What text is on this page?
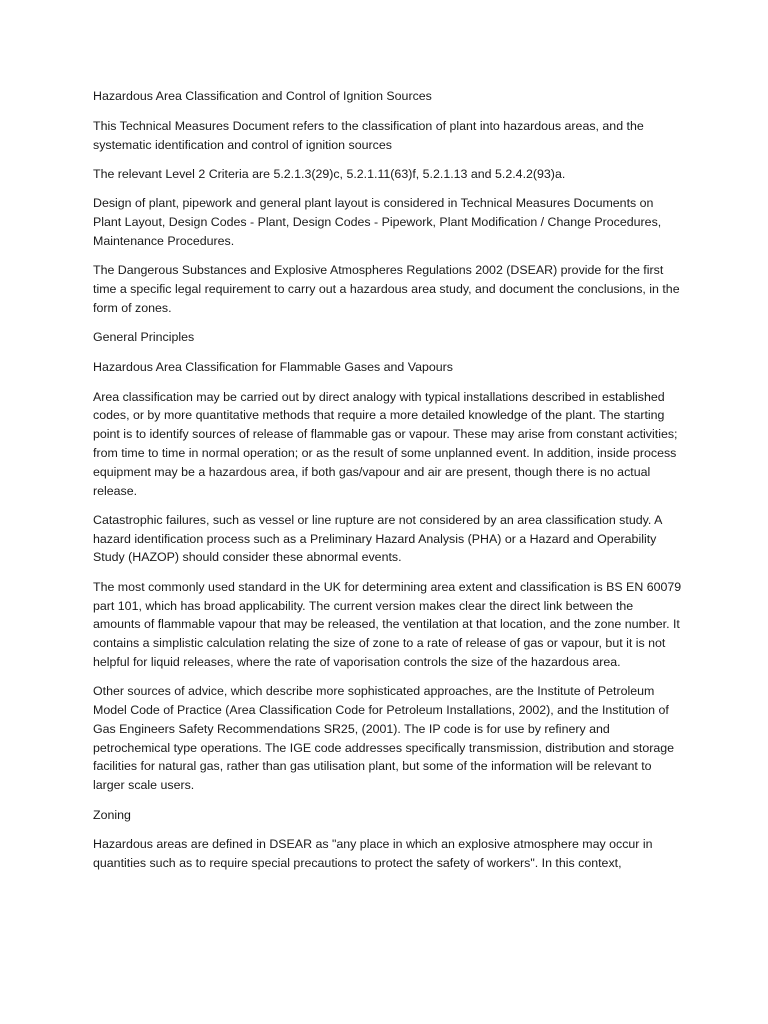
Hazardous Area Classification and Control of Ignition Sources

This Technical Measures Document refers to the classification of plant into hazardous areas, and the systematic identification and control of ignition sources

The relevant Level 2 Criteria are 5.2.1.3(29)c, 5.2.1.11(63)f, 5.2.1.13 and 5.2.4.2(93)a.

Design of plant, pipework and general plant layout is considered in Technical Measures Documents on Plant Layout, Design Codes - Plant, Design Codes - Pipework, Plant Modification / Change Procedures, Maintenance Procedures.

The Dangerous Substances and Explosive Atmospheres Regulations 2002 (DSEAR) provide for the first time a specific legal requirement to carry out a hazardous area study, and document the conclusions, in the form of zones.

General Principles

Hazardous Area Classification for Flammable Gases and Vapours

Area classification may be carried out by direct analogy with typical installations described in established codes, or by more quantitative methods that require a more detailed knowledge of the plant. The starting point is to identify sources of release of flammable gas or vapour. These may arise from constant activities; from time to time in normal operation; or as the result of some unplanned event. In addition, inside process equipment may be a hazardous area, if both gas/vapour and air are present, though there is no actual release.

Catastrophic failures, such as vessel or line rupture are not considered by an area classification study. A hazard identification process such as a Preliminary Hazard Analysis (PHA) or a Hazard and Operability Study (HAZOP) should consider these abnormal events.

The most commonly used standard in the UK for determining area extent and classification is BS EN 60079 part 101, which has broad applicability. The current version makes clear the direct link between the amounts of flammable vapour that may be released, the ventilation at that location, and the zone number. It contains a simplistic calculation relating the size of zone to a rate of release of gas or vapour, but it is not helpful for liquid releases, where the rate of vaporisation controls the size of the hazardous area.

Other sources of advice, which describe more sophisticated approaches, are the Institute of Petroleum Model Code of Practice (Area Classification Code for Petroleum Installations, 2002), and the Institution of Gas Engineers Safety Recommendations SR25, (2001). The IP code is for use by refinery and petrochemical type operations. The IGE code addresses specifically transmission, distribution and storage facilities for natural gas, rather than gas utilisation plant, but some of the information will be relevant to larger scale users.

Zoning

Hazardous areas are defined in DSEAR as "any place in which an explosive atmosphere may occur in quantities such as to require special precautions to protect the safety of workers". In this context,
